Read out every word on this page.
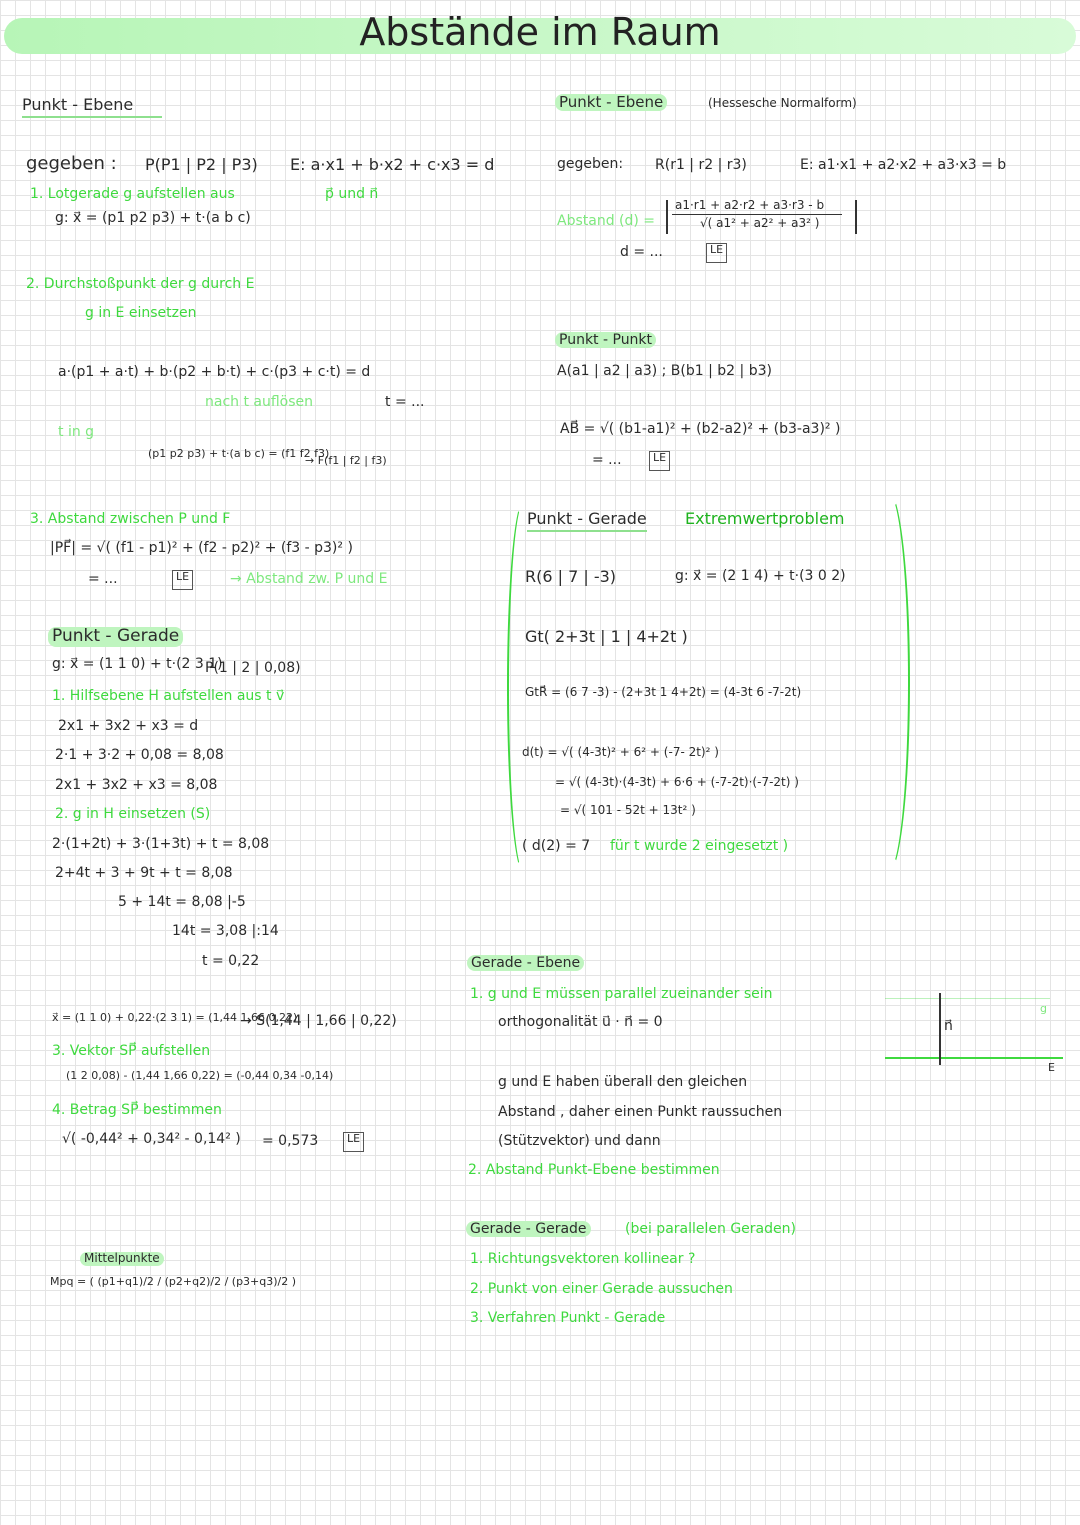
Abstände im Raum
Punkt - Ebene
gegeben : P(P1 | P2 | P3) E: a·x1 + b·x2 + c·x3 = d
1. Lotgerade g aufstellen aus	p⃗ und n⃗
g: x⃗ = (p1 p2 p3) + t·(a b c)
2. Durchstoßpunkt der g durch E
g in E einsetzen
a·(p1 + a·t) + b·(p2 + b·t) + c·(p3 + c·t) = d
nach t auflösen	t = ...
t in g
(p1 p2 p3) + t·(a b c) = (f1 f2 f3)
→ F(f1 | f2 | f3)
3. Abstand zwischen P und F
|PF⃗| = √( (f1 - p1)² + (f2 - p2)² + (f3 - p3)² )
= ...	LE	→ Abstand zw. P und E
Punkt - Gerade
g: x⃗ = (1 1 0) + t·(2 3 1)
P(1 | 2 | 0,08)
1. Hilfsebene H aufstellen aus t v⃗
2x1 + 3x2 + x3 = d
2·1 + 3·2 + 0,08 = 8,08
2x1 + 3x2 + x3 = 8,08
2. g in H einsetzen (S)
2·(1+2t) + 3·(1+3t) + t = 8,08
2+4t + 3 + 9t + t = 8,08
5 + 14t = 8,08 |-5
14t = 3,08 |:14
t = 0,22
x⃗ = (1 1 0) + 0,22·(2 3 1) = (1,44 1,66 0,22)
→ S(1,44 | 1,66 | 0,22)
3. Vektor SP⃗ aufstellen
(1 2 0,08) - (1,44 1,66 0,22) = (-0,44 0,34 -0,14)
4. Betrag SP⃗ bestimmen
√( -0,44² + 0,34² - 0,14² ) = 0,573	LE
Mittelpunkte
Mpq = ( (p1+q1)/2 / (p2+q2)/2 / (p3+q3)/2 )
Punkt - Ebene	(Hessesche Normalform)
gegeben: R(r1 | r2 | r3)	E: a1·x1 + a2·x2 + a3·x3 = b
Abstand (d) =
a1·r1 + a2·r2 + a3·r3 - b
√( a1² + a2² + a3² )
d = ...	LE
Punkt - Punkt
A(a1 | a2 | a3) ; B(b1 | b2 | b3)
AB⃗ = √( (b1-a1)² + (b2-a2)² + (b3-a3)² )
= ...	LE
Punkt - Gerade Extremwertproblem
R(6 | 7 | -3)	g: x⃗ = (2 1 4) + t·(3 0 2)
Gt( 2+3t | 1 | 4+2t )
GtR⃗ = (6 7 -3) - (2+3t 1 4+2t) = (4-3t 6 -7-2t)
d(t) = √( (4-3t)² + 6² + (-7- 2t)² )
= √( (4-3t)·(4-3t) + 6·6 + (-7-2t)·(-7-2t) )
= √( 101 - 52t + 13t² )
( d(2) = 7 für t wurde 2 eingesetzt )
Gerade - Ebene
1. g und E müssen parallel zueinander sein
orthogonalität u⃗ · n⃗ = 0
g und E haben überall den gleichen
Abstand , daher einen Punkt raussuchen
(Stützvektor) und dann
2. Abstand Punkt-Ebene bestimmen
n⃗
g
E
Gerade - Gerade	(bei parallelen Geraden)
1. Richtungsvektoren kollinear ?
2. Punkt von einer Gerade aussuchen
3. Verfahren Punkt - Gerade
